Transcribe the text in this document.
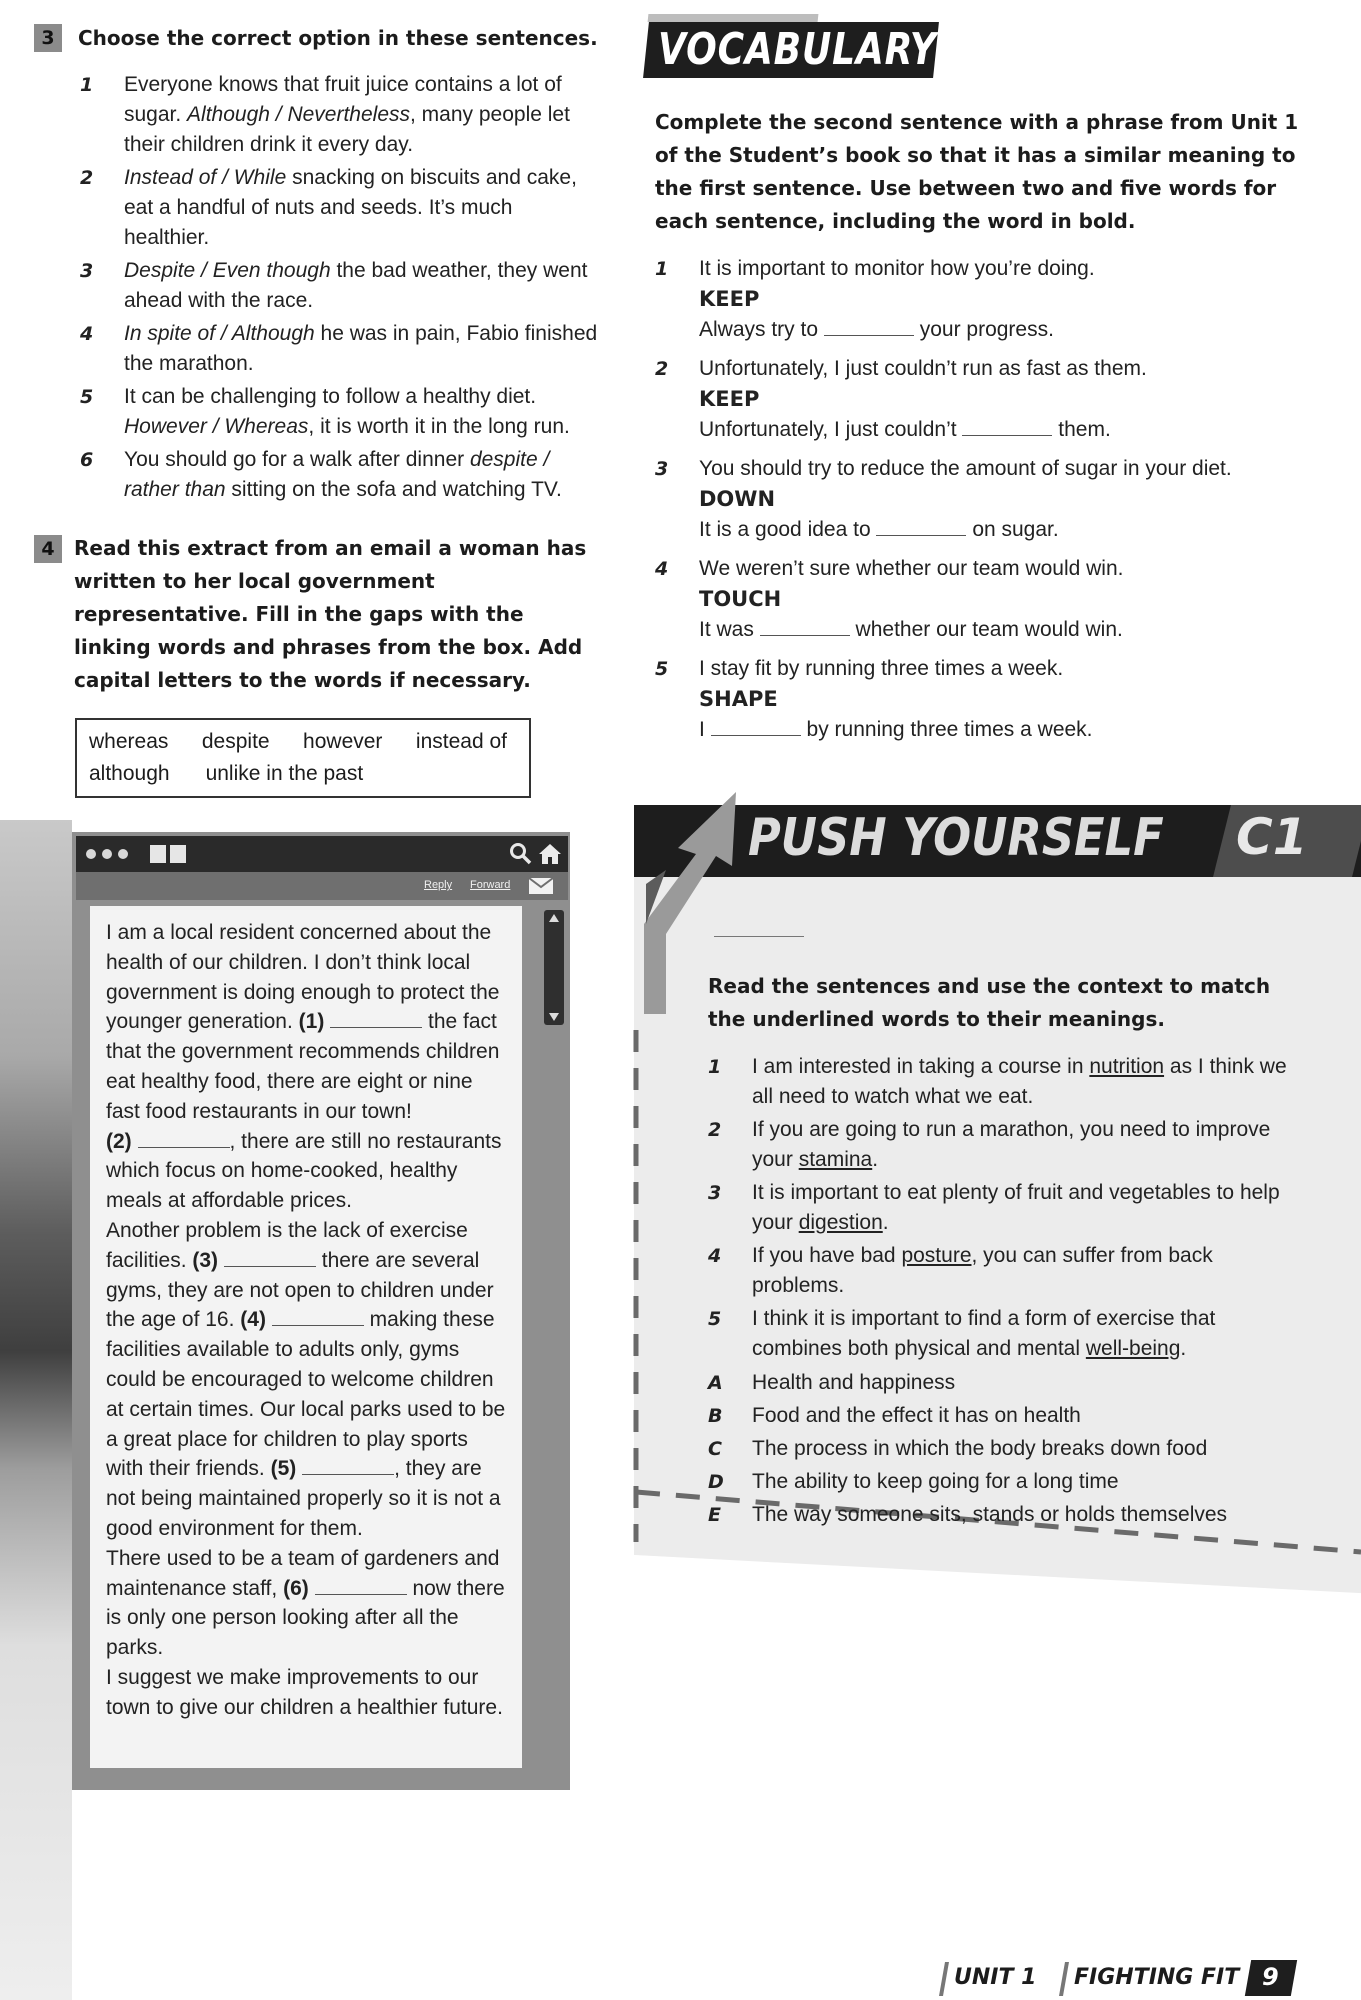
3	Choose the correct option in these sentences.
1 Everyone knows that fruit juice contains a lot of sugar. Although / Nevertheless, many people let their children drink it every day.
2 Instead of / While snacking on biscuits and cake, eat a handful of nuts and seeds. It’s much healthier.
3 Despite / Even though the bad weather, they went ahead with the race.
4 In spite of / Although he was in pain, Fabio finished the marathon.
5 It can be challenging to follow a healthy diet. However / Whereas, it is worth it in the long run.
6 You should go for a walk after dinner despite / rather than sitting on the sofa and watching TV.
4 Read this extract from an email a woman has written to her local government representative. Fill in the gaps with the linking words and phrases from the box. Add capital letters to the words if necessary.
whereas despite however instead of
although unlike in the past
Reply Forward
I am a local resident concerned about the health of our children. I don’t think local government is doing enough to protect the younger generation. (1)	the fact that the government recommends children eat healthy food, there are eight or nine fast food restaurants in our town!
(2)	, there are still no restaurants which focus on home-cooked, healthy meals at affordable prices.
Another problem is the lack of exercise facilities. (3)	there are several gyms, they are not open to children under the age of 16. (4)	making these facilities available to adults only, gyms could be encouraged to welcome children at certain times. Our local parks used to be a great place for children to play sports with their friends. (5)	, they are not being maintained properly so it is not a good environment for them.
There used to be a team of gardeners and maintenance staff, (6)	now there is only one person looking after all the parks.
I suggest we make improvements to our town to give our children a healthier future.
VOCABULARY
Complete the second sentence with a phrase from Unit 1 of the Student’s book so that it has a similar meaning to the first sentence. Use between two and five words for each sentence, including the word in bold.
1 It is important to monitor how you’re doing.
KEEP
Always try to	your progress.
2 Unfortunately, I just couldn’t run as fast as them.
KEEP
Unfortunately, I just couldn’t	them.
3 You should try to reduce the amount of sugar in your diet.
DOWN
It is a good idea to	on sugar.
4 We weren’t sure whether our team would win.
TOUCH
It was	whether our team would win.
5 I stay fit by running three times a week.
SHAPE
I	by running three times a week.
PUSH YOURSELF C1
Read the sentences and use the context to match the underlined words to their meanings.
1 I am interested in taking a course in nutrition as I think we all need to watch what we eat.
2 If you are going to run a marathon, you need to improve your stamina.
3 It is important to eat plenty of fruit and vegetables to help your digestion.
4 If you have bad posture, you can suffer from back problems.
5 I think it is important to find a form of exercise that combines both physical and mental well-being.
A Health and happiness
B Food and the effect it has on health
C The process in which the body breaks down food
D The ability to keep going for a long time
E The way someone sits, stands or holds themselves
UNIT 1 FIGHTING FIT 9
